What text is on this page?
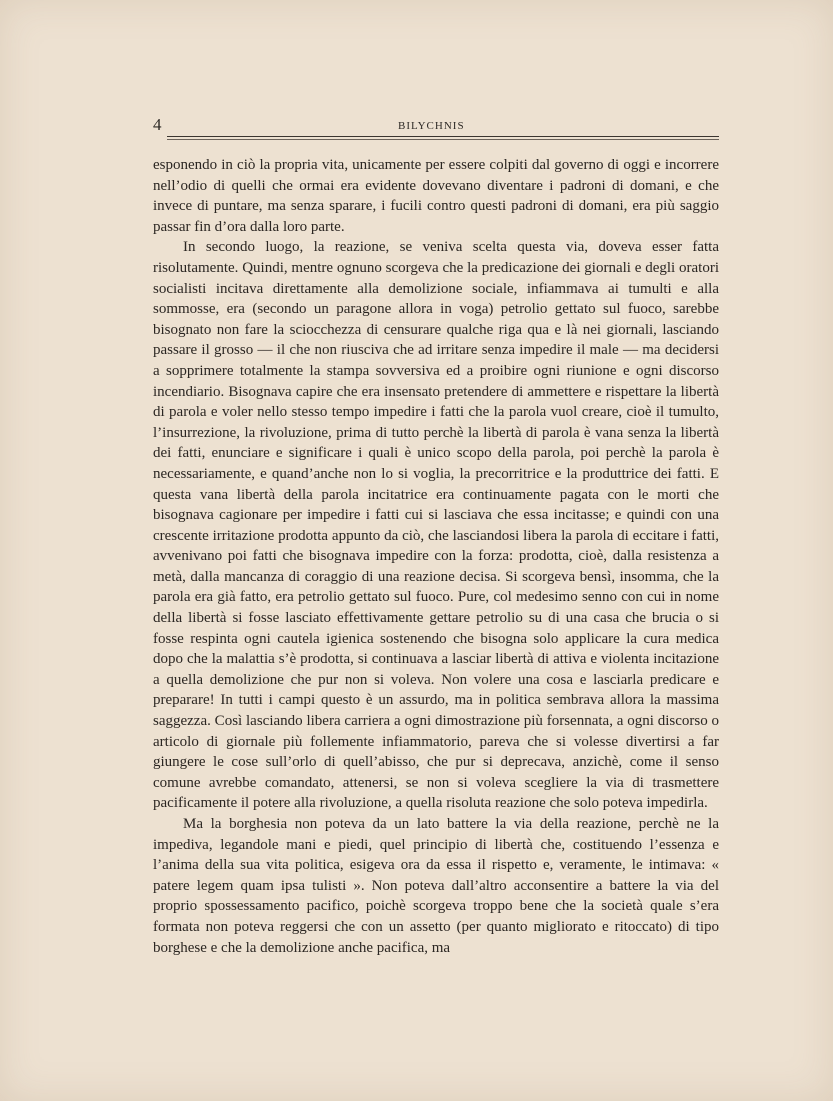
4	BILYCHNIS

esponendo in ciò la propria vita, unicamente per essere colpiti dal governo di oggi e incorrere nell’odio di quelli che ormai era evidente dovevano diventare i padroni di domani, e che invece di puntare, ma senza sparare, i fucili contro questi padroni di domani, era più saggio passar fin d’ora dalla loro parte.

In secondo luogo, la reazione, se veniva scelta questa via, doveva esser fatta risolutamente. Quindi, mentre ognuno scorgeva che la predicazione dei giornali e degli oratori socialisti incitava direttamente alla demolizione sociale, infiammava ai tumulti e alla sommosse, era (secondo un paragone allora in voga) petrolio gettato sul fuoco, sarebbe bisognato non fare la sciocchezza di censurare qualche riga qua e là nei giornali, lasciando passare il grosso — il che non riusciva che ad irritare senza impedire il male — ma decidersi a sopprimere totalmente la stampa sovversiva ed a proibire ogni riunione e ogni discorso incendiario. Bisognava capire che era insensato pretendere di ammettere e rispettare la libertà di parola e voler nello stesso tempo impedire i fatti che la parola vuol creare, cioè il tumulto, l’insurrezione, la rivoluzione, prima di tutto perchè la libertà di parola è vana senza la libertà dei fatti, enunciare e significare i quali è unico scopo della parola, poi perchè la parola è necessariamente, e quand’anche non lo si voglia, la precorritrice e la produttrice dei fatti. E questa vana libertà della parola incitatrice era continuamente pagata con le morti che bisognava cagionare per impedire i fatti cui si lasciava che essa incitasse; e quindi con una crescente irritazione prodotta appunto da ciò, che lasciandosi libera la parola di eccitare i fatti, avvenivano poi fatti che bisognava impedire con la forza: prodotta, cioè, dalla resistenza a metà, dalla mancanza di coraggio di una reazione decisa. Si scorgeva bensì, insomma, che la parola era già fatto, era petrolio gettato sul fuoco. Pure, col medesimo senno con cui in nome della libertà si fosse lasciato effettivamente gettare petrolio su di una casa che brucia o si fosse respinta ogni cautela igienica sostenendo che bisogna solo applicare la cura medica dopo che la malattia s’è prodotta, si continuava a lasciar libertà di attiva e violenta incitazione a quella demolizione che pur non si voleva. Non volere una cosa e lasciarla predicare e preparare! In tutti i campi questo è un assurdo, ma in politica sembrava allora la massima saggezza. Così lasciando libera carriera a ogni dimostrazione più forsennata, a ogni discorso o articolo di giornale più follemente infiammatorio, pareva che si volesse divertirsi a far giungere le cose sull’orlo di quell’abisso, che pur si deprecava, anzichè, come il senso comune avrebbe comandato, attenersi, se non si voleva scegliere la via di trasmettere pacificamente il potere alla rivoluzione, a quella risoluta reazione che solo poteva impedirla.

Ma la borghesia non poteva da un lato battere la via della reazione, perchè ne la impediva, legandole mani e piedi, quel principio di libertà che, costituendo l’essenza e l’anima della sua vita politica, esigeva ora da essa il rispetto e, veramente, le intimava: « patere legem quam ipsa tulisti ». Non poteva dall’altro acconsentire a battere la via del proprio spossessamento pacifico, poichè scorgeva troppo bene che la società quale s’era formata non poteva reggersi che con un assetto (per quanto migliorato e ritoccato) di tipo borghese e che la demolizione anche pacifica, ma
